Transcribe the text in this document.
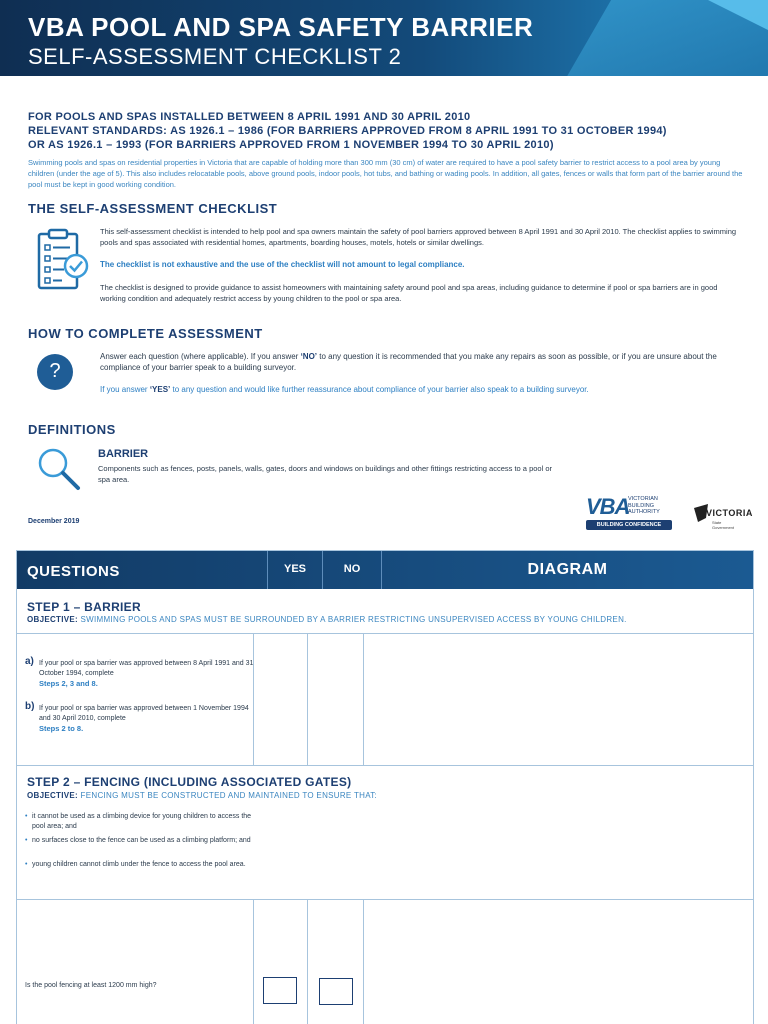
VBA POOL AND SPA SAFETY BARRIER
SELF-ASSESSMENT CHECKLIST 2
FOR POOLS AND SPAS INSTALLED BETWEEN 8 APRIL 1991 AND 30 APRIL 2010
RELEVANT STANDARDS: AS 1926.1 – 1986 (FOR BARRIERS APPROVED FROM 8 APRIL 1991 TO 31 OCTOBER 1994)
OR AS 1926.1 – 1993 (FOR BARRIERS APPROVED FROM 1 NOVEMBER 1994 TO 30 APRIL 2010)
Swimming pools and spas on residential properties in Victoria that are capable of holding more than 300 mm (30 cm) of water are required to have a pool safety barrier to restrict access to a pool area by young children (under the age of 5). This also includes relocatable pools, above ground pools, indoor pools, hot tubs, and bathing or wading pools. In addition, all gates, fences or walls that form part of the barrier around the pool must be kept in good working condition.
THE SELF-ASSESSMENT CHECKLIST
This self-assessment checklist is intended to help pool and spa owners maintain the safety of pool barriers approved between 8 April 1991 and 30 April 2010. The checklist applies to swimming pools and spas associated with residential homes, apartments, boarding houses, motels, hotels or similar dwellings.
The checklist is not exhaustive and the use of the checklist will not amount to legal compliance.
The checklist is designed to provide guidance to assist homeowners with maintaining safety around pool and spa areas, including guidance to determine if pool or spa barriers are in good working condition and adequately restrict access by young children to the pool or spa area.
HOW TO COMPLETE ASSESSMENT
?
Answer each question (where applicable). If you answer ‘NO’ to any question it is recommended that you make any repairs as soon as possible, or if you are unsure about the compliance of your barrier speak to a building surveyor.
If you answer ‘YES’ to any question and would like further reassurance about compliance of your barrier also speak to a building surveyor.
DEFINITIONS
BARRIER
Components such as fences, posts, panels, walls, gates, doors and windows on buildings and other fittings restricting access to a pool or spa area.
December 2019
VBA
VICTORIAN
BUILDING
AUTHORITY
BUILDING CONFIDENCE
VICTORIA
State
Government
QUESTIONS	YES	NO	DIAGRAM
STEP 1 – BARRIER
OBJECTIVE: SWIMMING POOLS AND SPAS MUST BE SURROUNDED BY A BARRIER RESTRICTING UNSUPERVISED ACCESS BY YOUNG CHILDREN.
a) If your pool or spa barrier was approved between 8 April 1991 and 31 October 1994, complete
Steps 2, 3 and 8.
b) If your pool or spa barrier was approved between 1 November 1994 and 30 April 2010, complete
Steps 2 to 8.
STEP 2 – FENCING (INCLUDING ASSOCIATED GATES)
OBJECTIVE: FENCING MUST BE CONSTRUCTED AND MAINTAINED TO ENSURE THAT:
• it cannot be used as a climbing device for young children to access the pool area; and
• no surfaces close to the fence can be used as a climbing platform; and
• young children cannot climb under the fence to access the pool area.
Is the pool fencing at least 1200 mm high?
